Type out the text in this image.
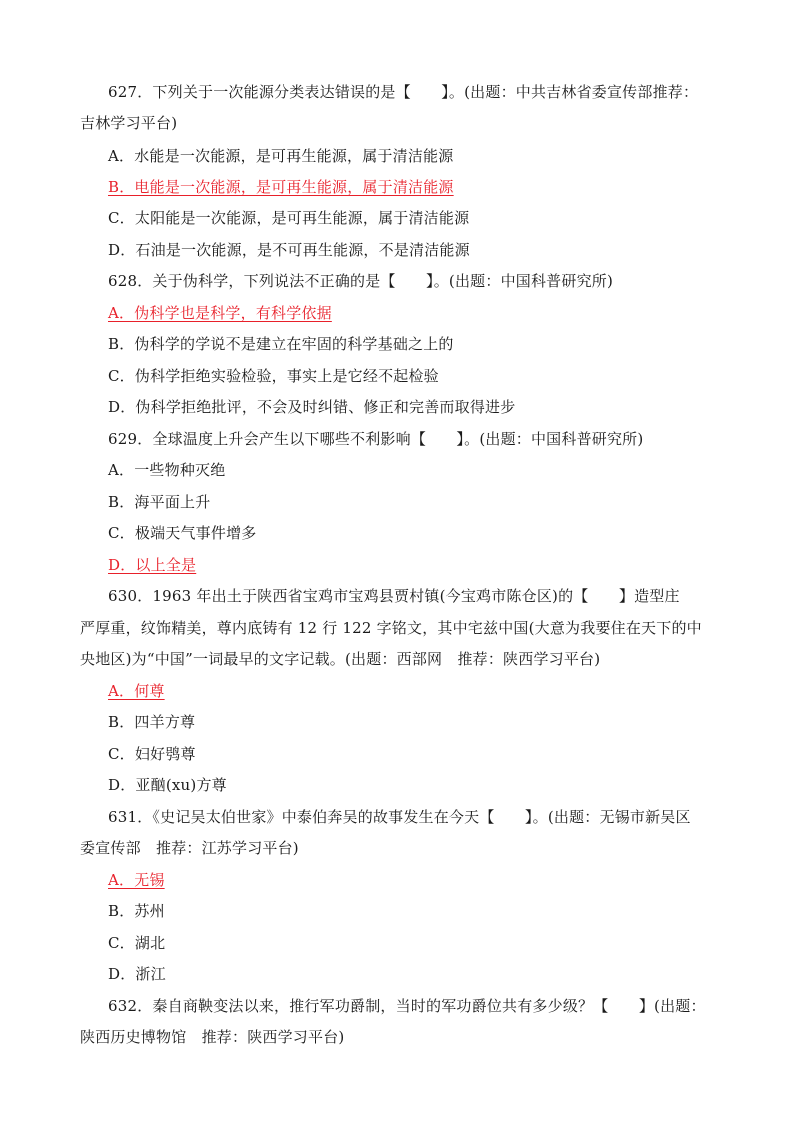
627．下列关于一次能源分类表达错误的是【　　】。(出题：中共吉林省委宣传部推荐：
吉林学习平台)
A．水能是一次能源，是可再生能源，属于清洁能源
B．电能是一次能源，是可再生能源，属于清洁能源
C．太阳能是一次能源，是可再生能源，属于清洁能源
D．石油是一次能源，是不可再生能源，不是清洁能源
628．关于伪科学，下列说法不正确的是【　　】。(出题：中国科普研究所)
A．伪科学也是科学，有科学依据
B．伪科学的学说不是建立在牢固的科学基础之上的
C．伪科学拒绝实验检验，事实上是它经不起检验
D．伪科学拒绝批评，不会及时纠错、修正和完善而取得进步
629．全球温度上升会产生以下哪些不利影响【　　】。(出题：中国科普研究所)
A．一些物种灭绝
B．海平面上升
C．极端天气事件增多
D．以上全是
630．1963 年出土于陕西省宝鸡市宝鸡县贾村镇(今宝鸡市陈仓区)的【　　】造型庄
严厚重，纹饰精美，尊内底铸有 12 行 122 字铭文，其中宅兹中国(大意为我要住在天下的中
央地区)为“中国”一词最早的文字记载。(出题：西部网　推荐：陕西学习平台)
A．何尊
B．四羊方尊
C．妇好鸮尊
D．亚酗(xu)方尊
631．《史记吴太伯世家》中泰伯奔吴的故事发生在今天【　　】。(出题：无锡市新吴区
委宣传部　推荐：江苏学习平台)
A．无锡
B．苏州
C．湖北
D．浙江
632．秦自商鞅变法以来，推行军功爵制，当时的军功爵位共有多少级？【　　】(出题：
陕西历史博物馆　推荐：陕西学习平台)
